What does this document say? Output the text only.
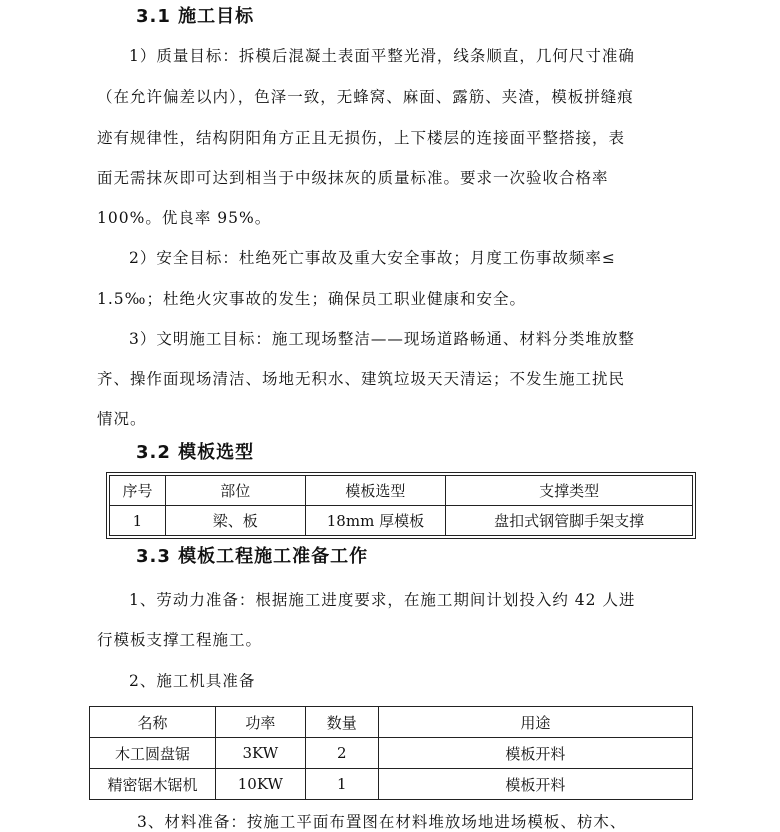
3.1 施工目标
1）质量目标：拆模后混凝土表面平整光滑，线条顺直，几何尺寸准确
（在允许偏差以内），色泽一致，无蜂窝、麻面、露筋、夹渣，模板拼缝痕
迹有规律性，结构阴阳角方正且无损伤，上下楼层的连接面平整搭接，表
面无需抹灰即可达到相当于中级抹灰的质量标准。要求一次验收合格率
100%。优良率 95%。
2）安全目标：杜绝死亡事故及重大安全事故；月度工伤事故频率≤
1.5‰；杜绝火灾事故的发生；确保员工职业健康和安全。
3）文明施工目标：施工现场整洁——现场道路畅通、材料分类堆放整
齐、操作面现场清洁、场地无积水、建筑垃圾天天清运；不发生施工扰民
情况。
3.2 模板选型
序号	部位	模板选型	支撑类型
1	梁、板	18mm 厚模板	盘扣式钢管脚手架支撑
3.3 模板工程施工准备工作
1、劳动力准备：根据施工进度要求，在施工期间计划投入约 42 人进
行模板支撑工程施工。
2、施工机具准备
名称	功率	数量	用途
木工圆盘锯	3KW	2	模板开料
精密锯木锯机	10KW	1	模板开料
3、材料准备：按施工平面布置图在材料堆放场地进场模板、枋木、
